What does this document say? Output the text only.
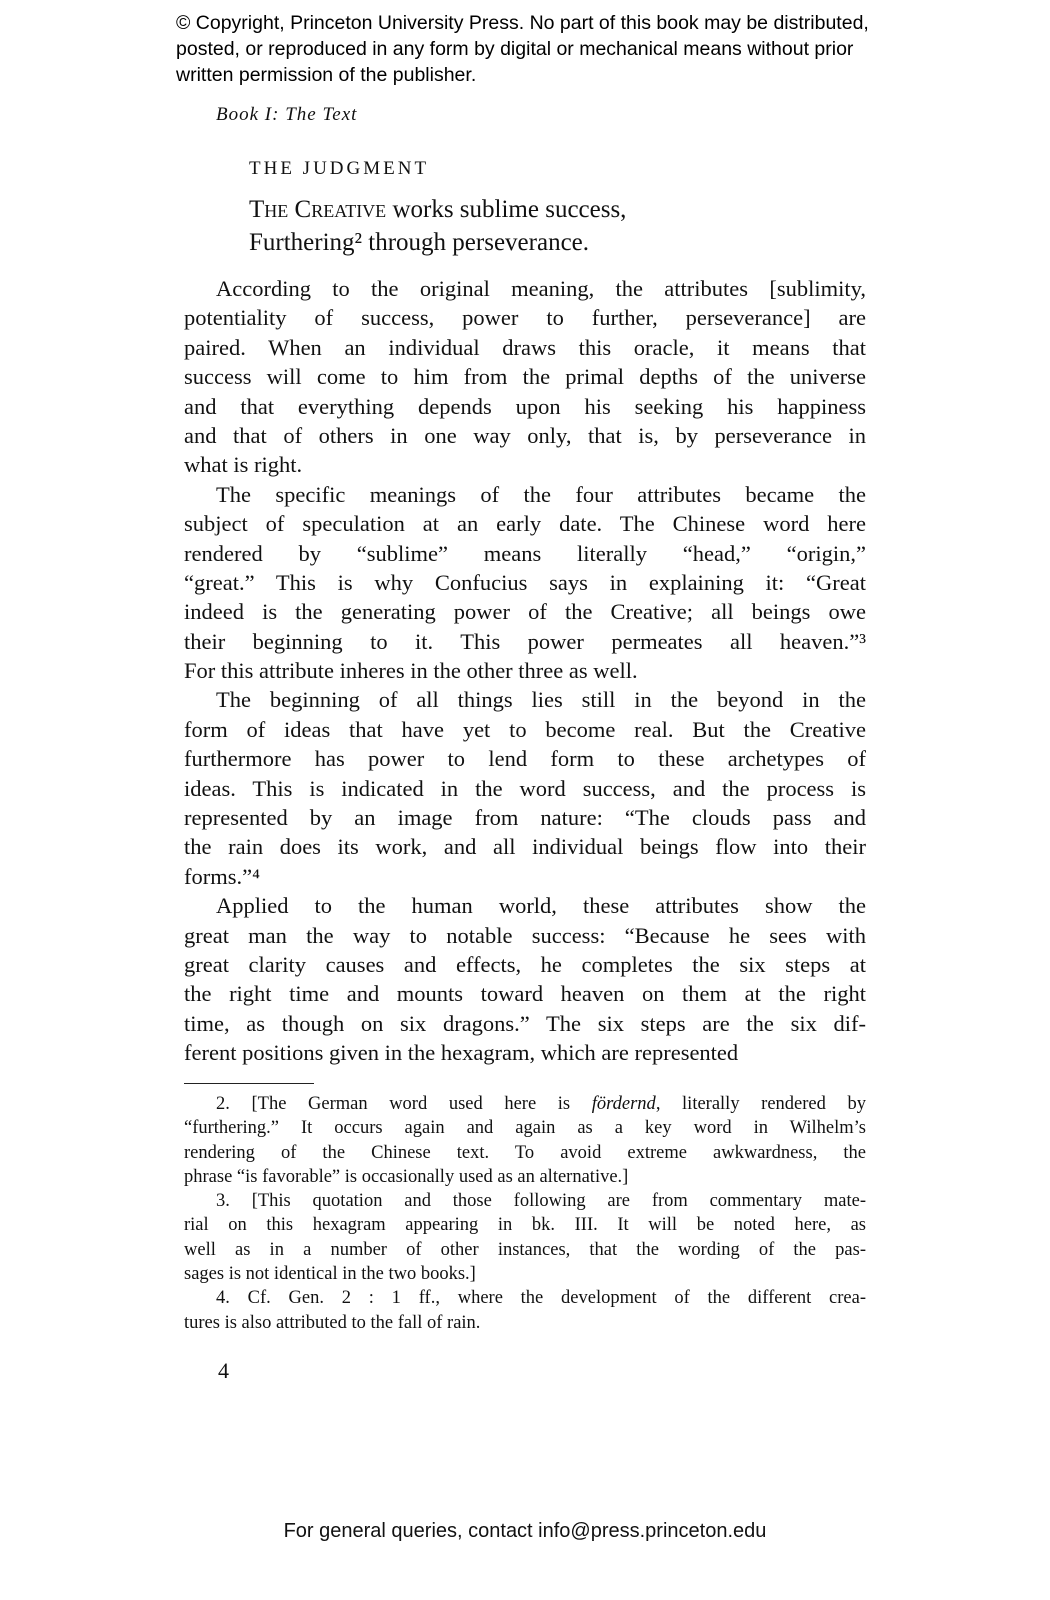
© Copyright, Princeton University Press. No part of this book may be distributed, posted, or reproduced in any form by digital or mechanical means without prior written permission of the publisher.
Book I: The Text
THE JUDGMENT
The Creative works sublime success,
Furthering² through perseverance.
According to the original meaning, the attributes [sublimity,
potentiality of success, power to further, perseverance] are
paired. When an individual draws this oracle, it means that
success will come to him from the primal depths of the universe
and that everything depends upon his seeking his happiness
and that of others in one way only, that is, by perseverance in
what is right.
The specific meanings of the four attributes became the
subject of speculation at an early date. The Chinese word here
rendered by “sublime” means literally “head,” “origin,”
“great.” This is why Confucius says in explaining it: “Great
indeed is the generating power of the Creative; all beings owe
their beginning to it. This power permeates all heaven.”³
For this attribute inheres in the other three as well.
The beginning of all things lies still in the beyond in the
form of ideas that have yet to become real. But the Creative
furthermore has power to lend form to these archetypes of
ideas. This is indicated in the word success, and the process is
represented by an image from nature: “The clouds pass and
the rain does its work, and all individual beings flow into their
forms.”⁴
Applied to the human world, these attributes show the
great man the way to notable success: “Because he sees with
great clarity causes and effects, he completes the six steps at
the right time and mounts toward heaven on them at the right
time, as though on six dragons.” The six steps are the six dif-
ferent positions given in the hexagram, which are represented
2. [The German word used here is fördernd, literally rendered by
“furthering.” It occurs again and again as a key word in Wilhelm’s
rendering of the Chinese text. To avoid extreme awkwardness, the
phrase “is favorable” is occasionally used as an alternative.]
3. [This quotation and those following are from commentary mate-
rial on this hexagram appearing in bk. III. It will be noted here, as
well as in a number of other instances, that the wording of the pas-
sages is not identical in the two books.]
4. Cf. Gen. 2 : 1 ff., where the development of the different crea-
tures is also attributed to the fall of rain.
4
For general queries, contact info@press.princeton.edu
